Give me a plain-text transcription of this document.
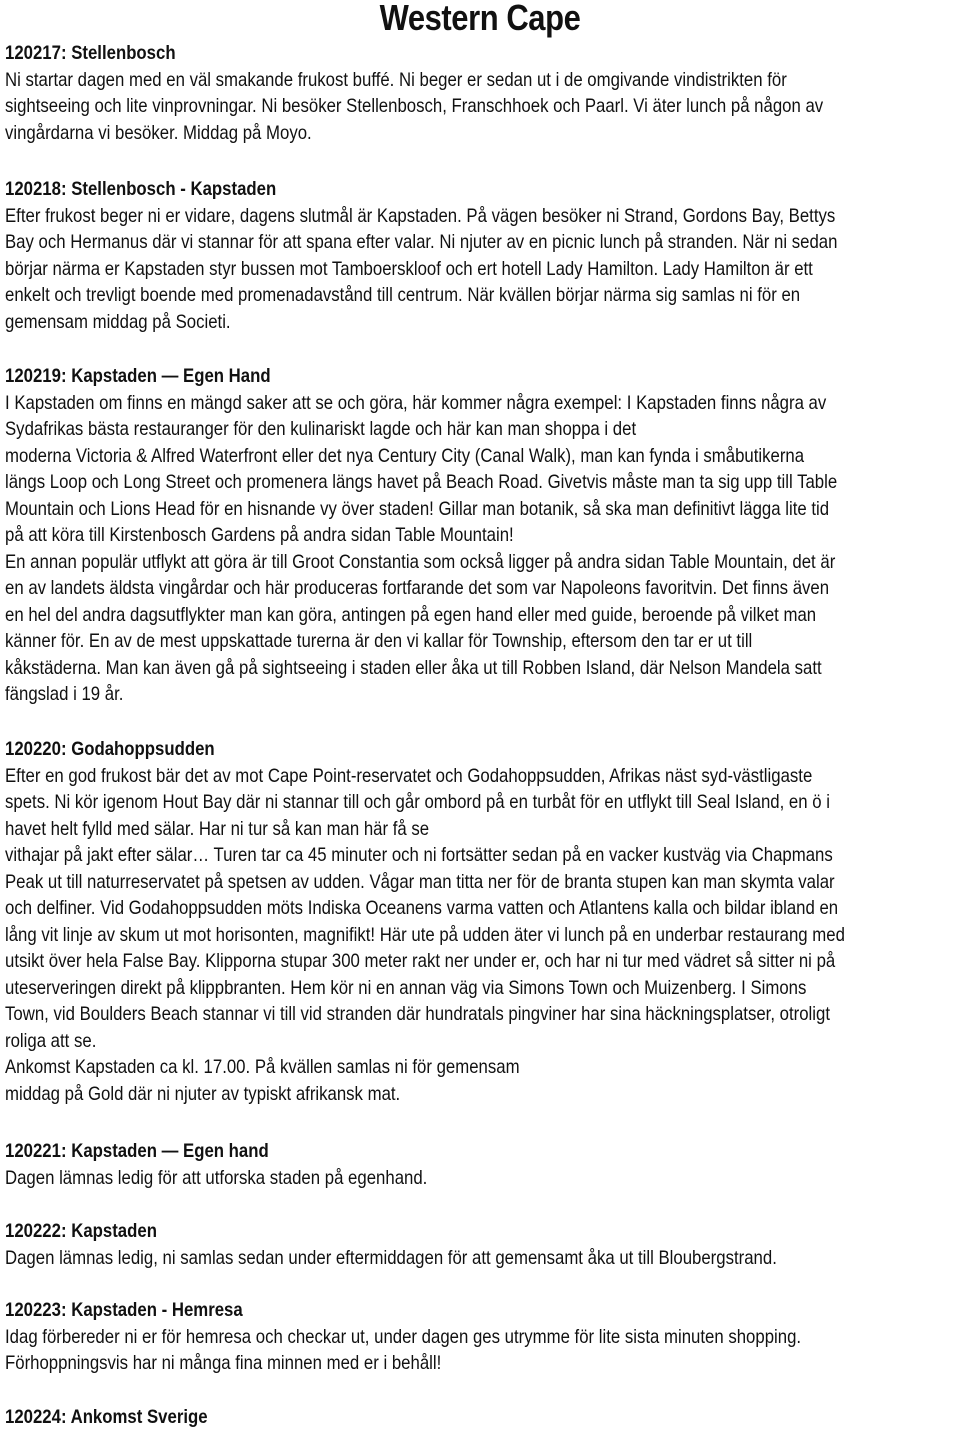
Western Cape
120217: Stellenbosch

Ni startar dagen med en väl smakande frukost buffé. Ni beger er sedan ut i de omgivande vindistrikten för
sightseeing och lite vinprovningar. Ni besöker Stellenbosch, Franschhoek och Paarl. Vi äter lunch på någon av
vingårdarna vi besöker. Middag på Moyo.

120218: Stellenbosch - Kapstaden

Efter frukost beger ni er vidare, dagens slutmål är Kapstaden. På vägen besöker ni Strand, Gordons Bay, Bettys
Bay och Hermanus där vi stannar för att spana efter valar. Ni njuter av en picnic lunch på stranden. När ni sedan
börjar närma er Kapstaden styr bussen mot Tamboerskloof och ert hotell Lady Hamilton. Lady Hamilton är ett
enkelt och trevligt boende med promenadavstånd till centrum. När kvällen börjar närma sig samlas ni för en
gemensam middag på Societi.

120219: Kapstaden — Egen Hand

I Kapstaden om finns en mängd saker att se och göra, här kommer några exempel: I Kapstaden finns några av
Sydafrikas bästa restauranger för den kulinariskt lagde och här kan man shoppa i det
moderna Victoria & Alfred Waterfront eller det nya Century City (Canal Walk), man kan fynda i småbutikerna
längs Loop och Long Street och promenera längs havet på Beach Road. Givetvis måste man ta sig upp till Table
Mountain och Lions Head för en hisnande vy över staden! Gillar man botanik, så ska man definitivt lägga lite tid
på att köra till Kirstenbosch Gardens på andra sidan Table Mountain!
En annan populär utflykt att göra är till Groot Constantia som också ligger på andra sidan Table Mountain, det är
en av landets äldsta vingårdar och här produceras fortfarande det som var Napoleons favoritvin. Det finns även
en hel del andra dagsutflykter man kan göra, antingen på egen hand eller med guide, beroende på vilket man
känner för. En av de mest uppskattade turerna är den vi kallar för Township, eftersom den tar er ut till
kåkstäderna. Man kan även gå på sightseeing i staden eller åka ut till Robben Island, där Nelson Mandela satt
fängslad i 19 år.

120220: Godahoppsudden

Efter en god frukost bär det av mot Cape Point-reservatet och Godahoppsudden, Afrikas näst syd-västligaste
spets. Ni kör igenom Hout Bay där ni stannar till och går ombord på en turbåt för en utflykt till Seal Island, en ö i
havet helt fylld med sälar. Har ni tur så kan man här få se
vithajar på jakt efter sälar… Turen tar ca 45 minuter och ni fortsätter sedan på en vacker kustväg via Chapmans
Peak ut till naturreservatet på spetsen av udden. Vågar man titta ner för de branta stupen kan man skymta valar
och delfiner. Vid Godahoppsudden möts Indiska Oceanens varma vatten och Atlantens kalla och bildar ibland en
lång vit linje av skum ut mot horisonten, magnifikt! Här ute på udden äter vi lunch på en underbar restaurang med
utsikt över hela False Bay. Klipporna stupar 300 meter rakt ner under er, och har ni tur med vädret så sitter ni på
uteserveringen direkt på klippbranten. Hem kör ni en annan väg via Simons Town och Muizenberg. I Simons
Town, vid Boulders Beach stannar vi till vid stranden där hundratals pingviner har sina häckningsplatser, otroligt
roliga att se.
Ankomst Kapstaden ca kl. 17.00. På kvällen samlas ni för gemensam
middag på Gold där ni njuter av typiskt afrikansk mat.

120221: Kapstaden — Egen hand

Dagen lämnas ledig för att utforska staden på egenhand.

120222: Kapstaden

Dagen lämnas ledig, ni samlas sedan under eftermiddagen för att gemensamt åka ut till Bloubergstrand.

120223: Kapstaden - Hemresa

Idag förbereder ni er för hemresa och checkar ut, under dagen ges utrymme för lite sista minuten shopping.
Förhoppningsvis har ni många fina minnen med er i behåll!

120224: Ankomst Sverige
